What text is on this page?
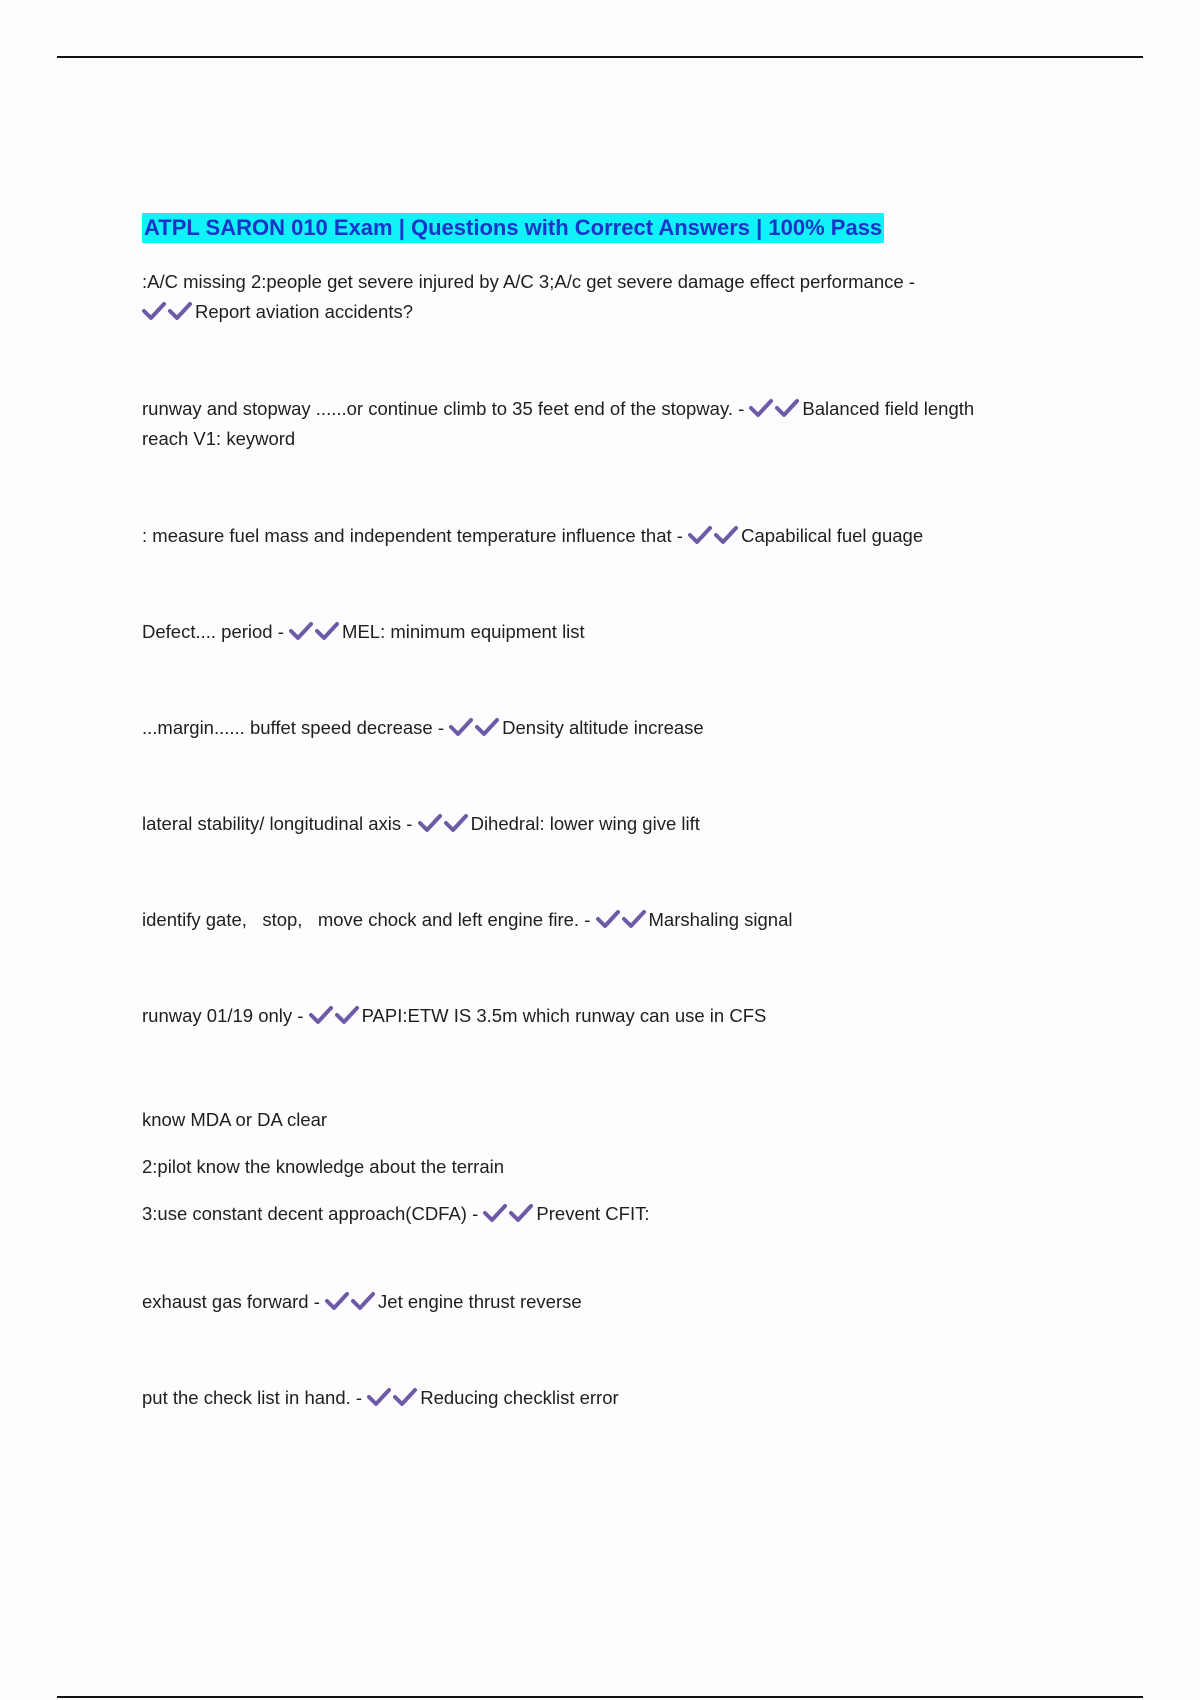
ATPL SARON 010 Exam | Questions with Correct Answers | 100% Pass
:A/C missing 2:people get severe injured by A/C 3;A/c get severe damage effect performance -
Report aviation accidents?
runway and stopway ......or continue climb to 35 feet end of the stopway. -	Balanced field length
reach V1: keyword
: measure fuel mass and independent temperature influence that -	Capabilical fuel guage
Defect.... period -	MEL: minimum equipment list
...margin...... buffet speed decrease -	Density altitude increase
lateral stability/ longitudinal axis -	Dihedral: lower wing give lift
identify gate,   stop,   move chock and left engine fire. -	Marshaling signal
runway 01/19 only -	PAPI:ETW IS 3.5m which runway can use in CFS
know MDA or DA clear
2:pilot know the knowledge about the terrain
3:use constant decent approach(CDFA) -	Prevent CFIT:
exhaust gas forward -	Jet engine thrust reverse
put the check list in hand. -	Reducing checklist error
